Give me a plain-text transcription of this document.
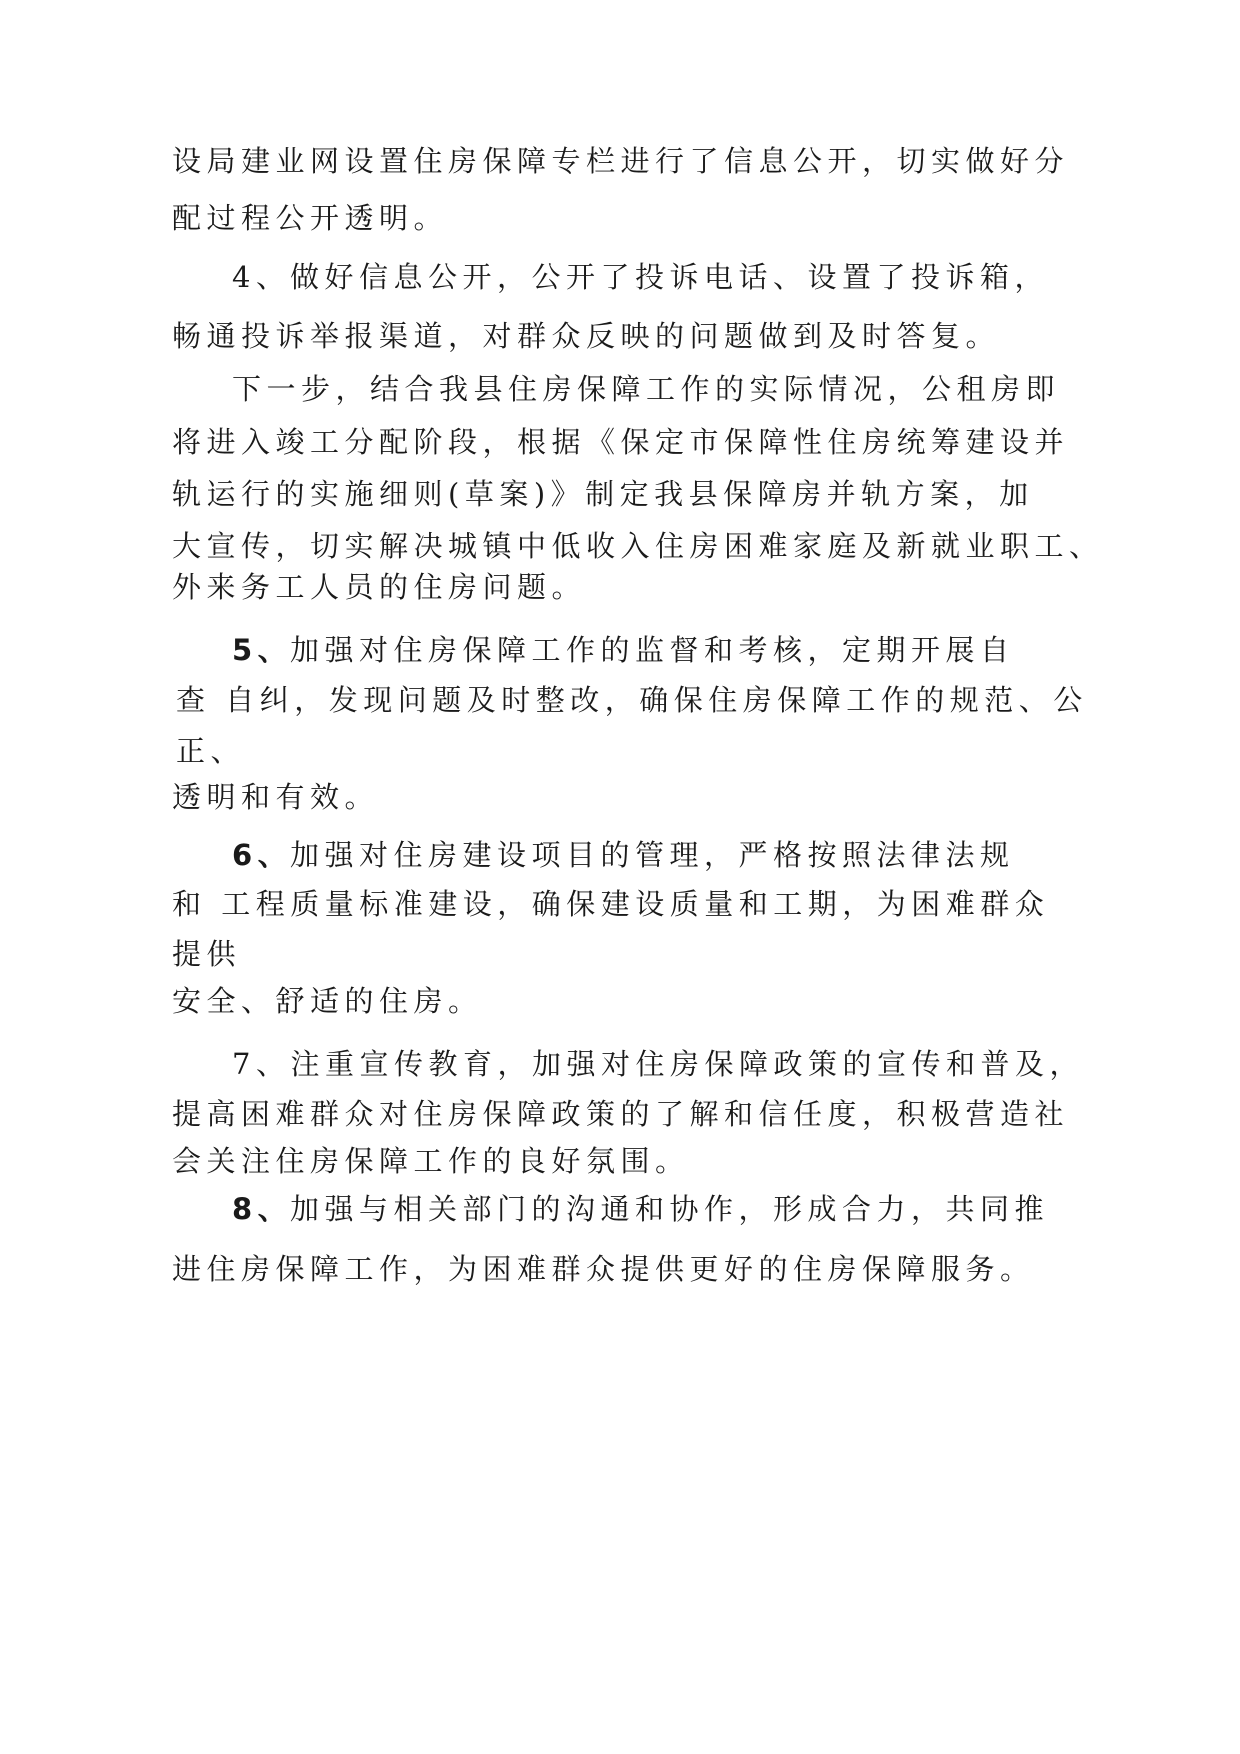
设局建业网设置住房保障专栏进行了信息公开，切实做好分
配过程公开透明。
4、 做好信息公开，公开了投诉电话、设置了投诉箱，
畅通投诉举报渠道，对群众反映的问题做到及时答复。
下一步，结合我县住房保障工作的实际情况，公租房即
将进入竣工分配阶段，根据《保定市保障性住房统筹建设并
轨运行的实施细则(草案)》制定我县保障房并轨方案，加
大宣传，切实解决城镇中低收入住房困难家庭及新就业职工、
外来务工人员的住房问题。
5、
加强对住房保障工作的监督和考核，定期开展自
查 自纠，发现问题及时整改，确保住房保障工作的规范、公
正、
透明和有效。
6、
加强对住房建设项目的管理，严格按照法律法规
和 工程质量标准建设，确保建设质量和工期，为困难群众
提供
安全、舒适的住房。
7、注重宣传教育，加强对住房保障政策的宣传和普及，
提高困难群众对住房保障政策的了解和信任度，积极营造社
会关注住房保障工作的良好氛围。
8、
加强与相关部门的沟通和协作，形成合力，共同推
进住房保障工作，为困难群众提供更好的住房保障服务。
